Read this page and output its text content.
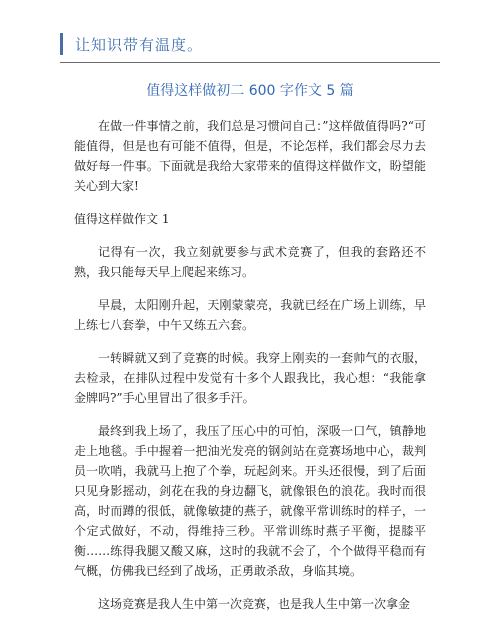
让知识带有温度。
值得这样做初二 600 字作文 5 篇

在做一件事情之前，我们总是习惯问自己：”这样做值得吗?“可能值得，但是也有可能不值得，但是，不论怎样，我们都会尽力去做好每一件事。下面就是我给大家带来的值得这样做作文，盼望能关心到大家!

值得这样做作文 1

记得有一次，我立刻就要参与武术竞赛了，但我的套路还不熟，我只能每天早上爬起来练习。

早晨，太阳刚升起，天刚蒙蒙亮，我就已经在广场上训练，早上练七八套拳，中午又练五六套。

一转瞬就又到了竞赛的时候。我穿上刚卖的一套帅气的衣服，去检录，在排队过程中发觉有十多个人跟我比，我心想：“我能拿金牌吗?”手心里冒出了很多手汗。

最终到我上场了，我压了压心中的可怕，深吸一口气，镇静地走上地毯。手中握着一把油光发亮的钢剑站在竞赛场地中心，裁判员一吹哨，我就马上抱了个拳，玩起剑来。开头还很慢，到了后面只见身影摇动，剑花在我的身边翻飞，就像银色的浪花。我时而很高，时而蹲的很低，就像敏捷的燕子，就像平常训练时的样子，一个定式做好，不动，得维持三秒。平常训练时燕子平衡，提膝平衡……练得我腿又酸又麻，这时的我就不会了，个个做得平稳而有气概，仿佛我已经到了战场，正勇敢杀敌，身临其境。

这场竞赛是我人生中第一次竞赛，也是我人生中第一次拿金
